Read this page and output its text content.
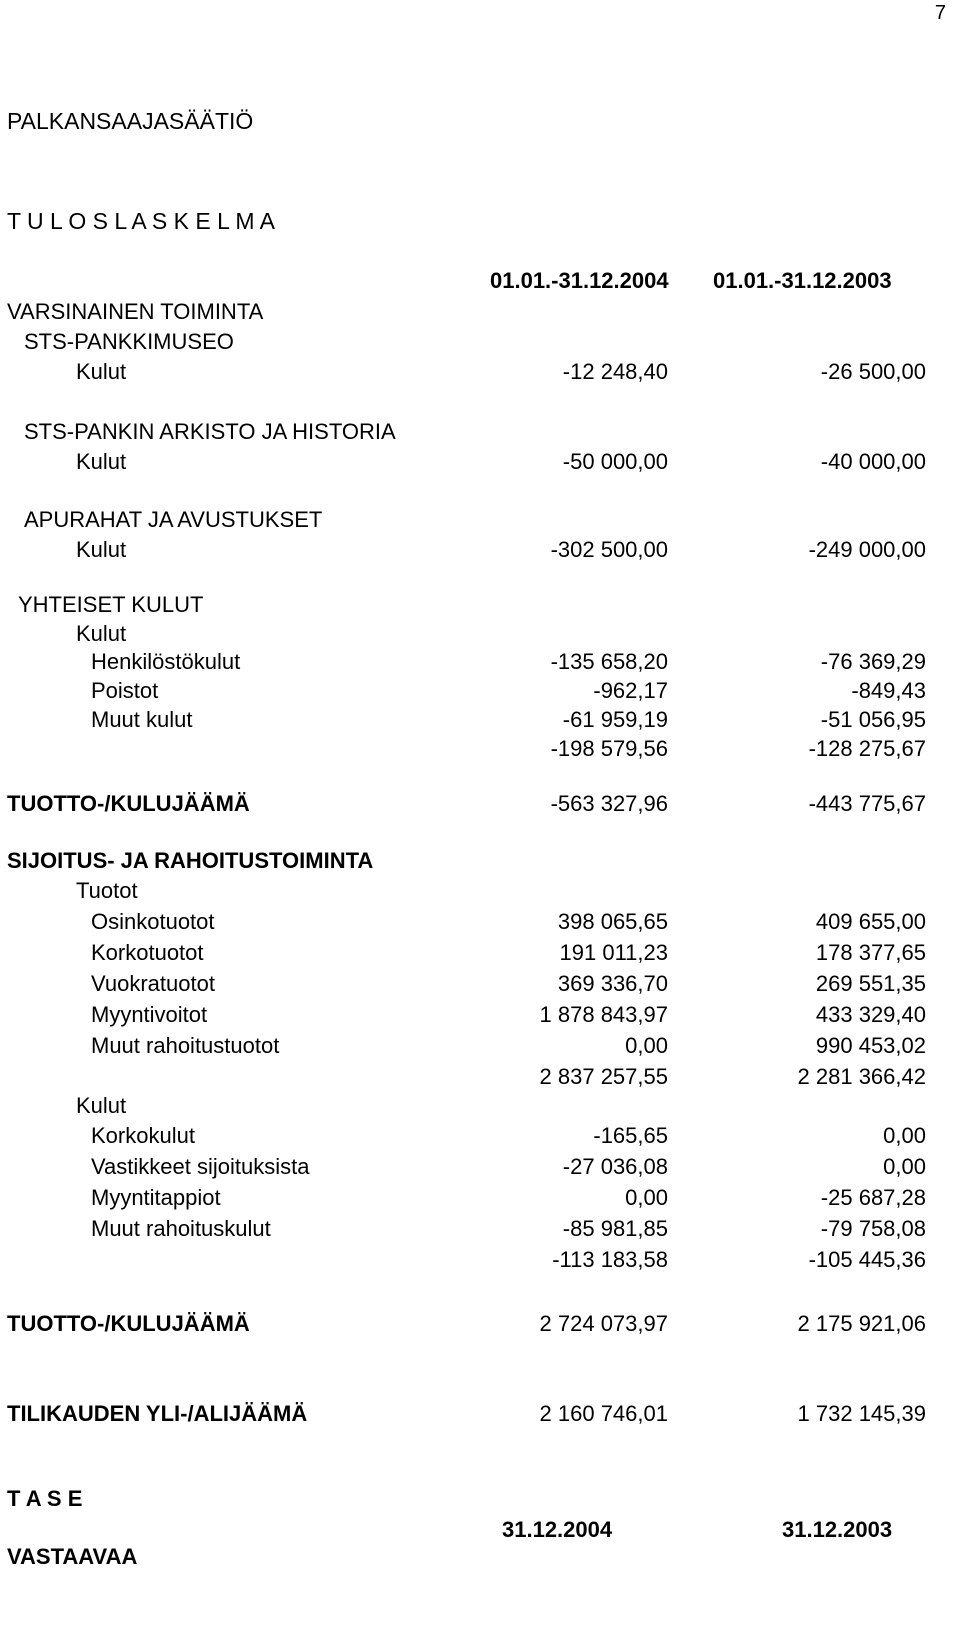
7
PALKANSAAJASÄÄTIÖ
T U L O S L A S K E L M A
01.01.-31.12.2004 01.01.-31.12.2003
VARSINAINEN TOIMINTA
STS-PANKKIMUSEO
Kulut	-12 248,40	-26 500,00
STS-PANKIN ARKISTO JA HISTORIA
Kulut	-50 000,00	-40 000,00
APURAHAT JA AVUSTUKSET
Kulut	-302 500,00	-249 000,00
YHTEISET KULUT
Kulut
Henkilöstökulut	-135 658,20	-76 369,29
Poistot	-962,17	-849,43
Muut kulut	-61 959,19	-51 056,95
-198 579,56	-128 275,67
TUOTTO-/KULUJÄÄMÄ	-563 327,96	-443 775,67
SIJOITUS- JA RAHOITUSTOIMINTA
Tuotot
Osinkotuotot	398 065,65	409 655,00
Korkotuotot	191 011,23	178 377,65
Vuokratuotot	369 336,70	269 551,35
Myyntivoitot	1 878 843,97	433 329,40
Muut rahoitustuotot	0,00	990 453,02
2 837 257,55	2 281 366,42
Kulut
Korkokulut	-165,65	0,00
Vastikkeet sijoituksista	-27 036,08	0,00
Myyntitappiot	0,00	-25 687,28
Muut rahoituskulut	-85 981,85	-79 758,08
-113 183,58	-105 445,36
TUOTTO-/KULUJÄÄMÄ	2 724 073,97	2 175 921,06
TILIKAUDEN YLI-/ALIJÄÄMÄ	2 160 746,01	1 732 145,39
T A S E
31.12.2004	31.12.2003
VASTAAVAA
